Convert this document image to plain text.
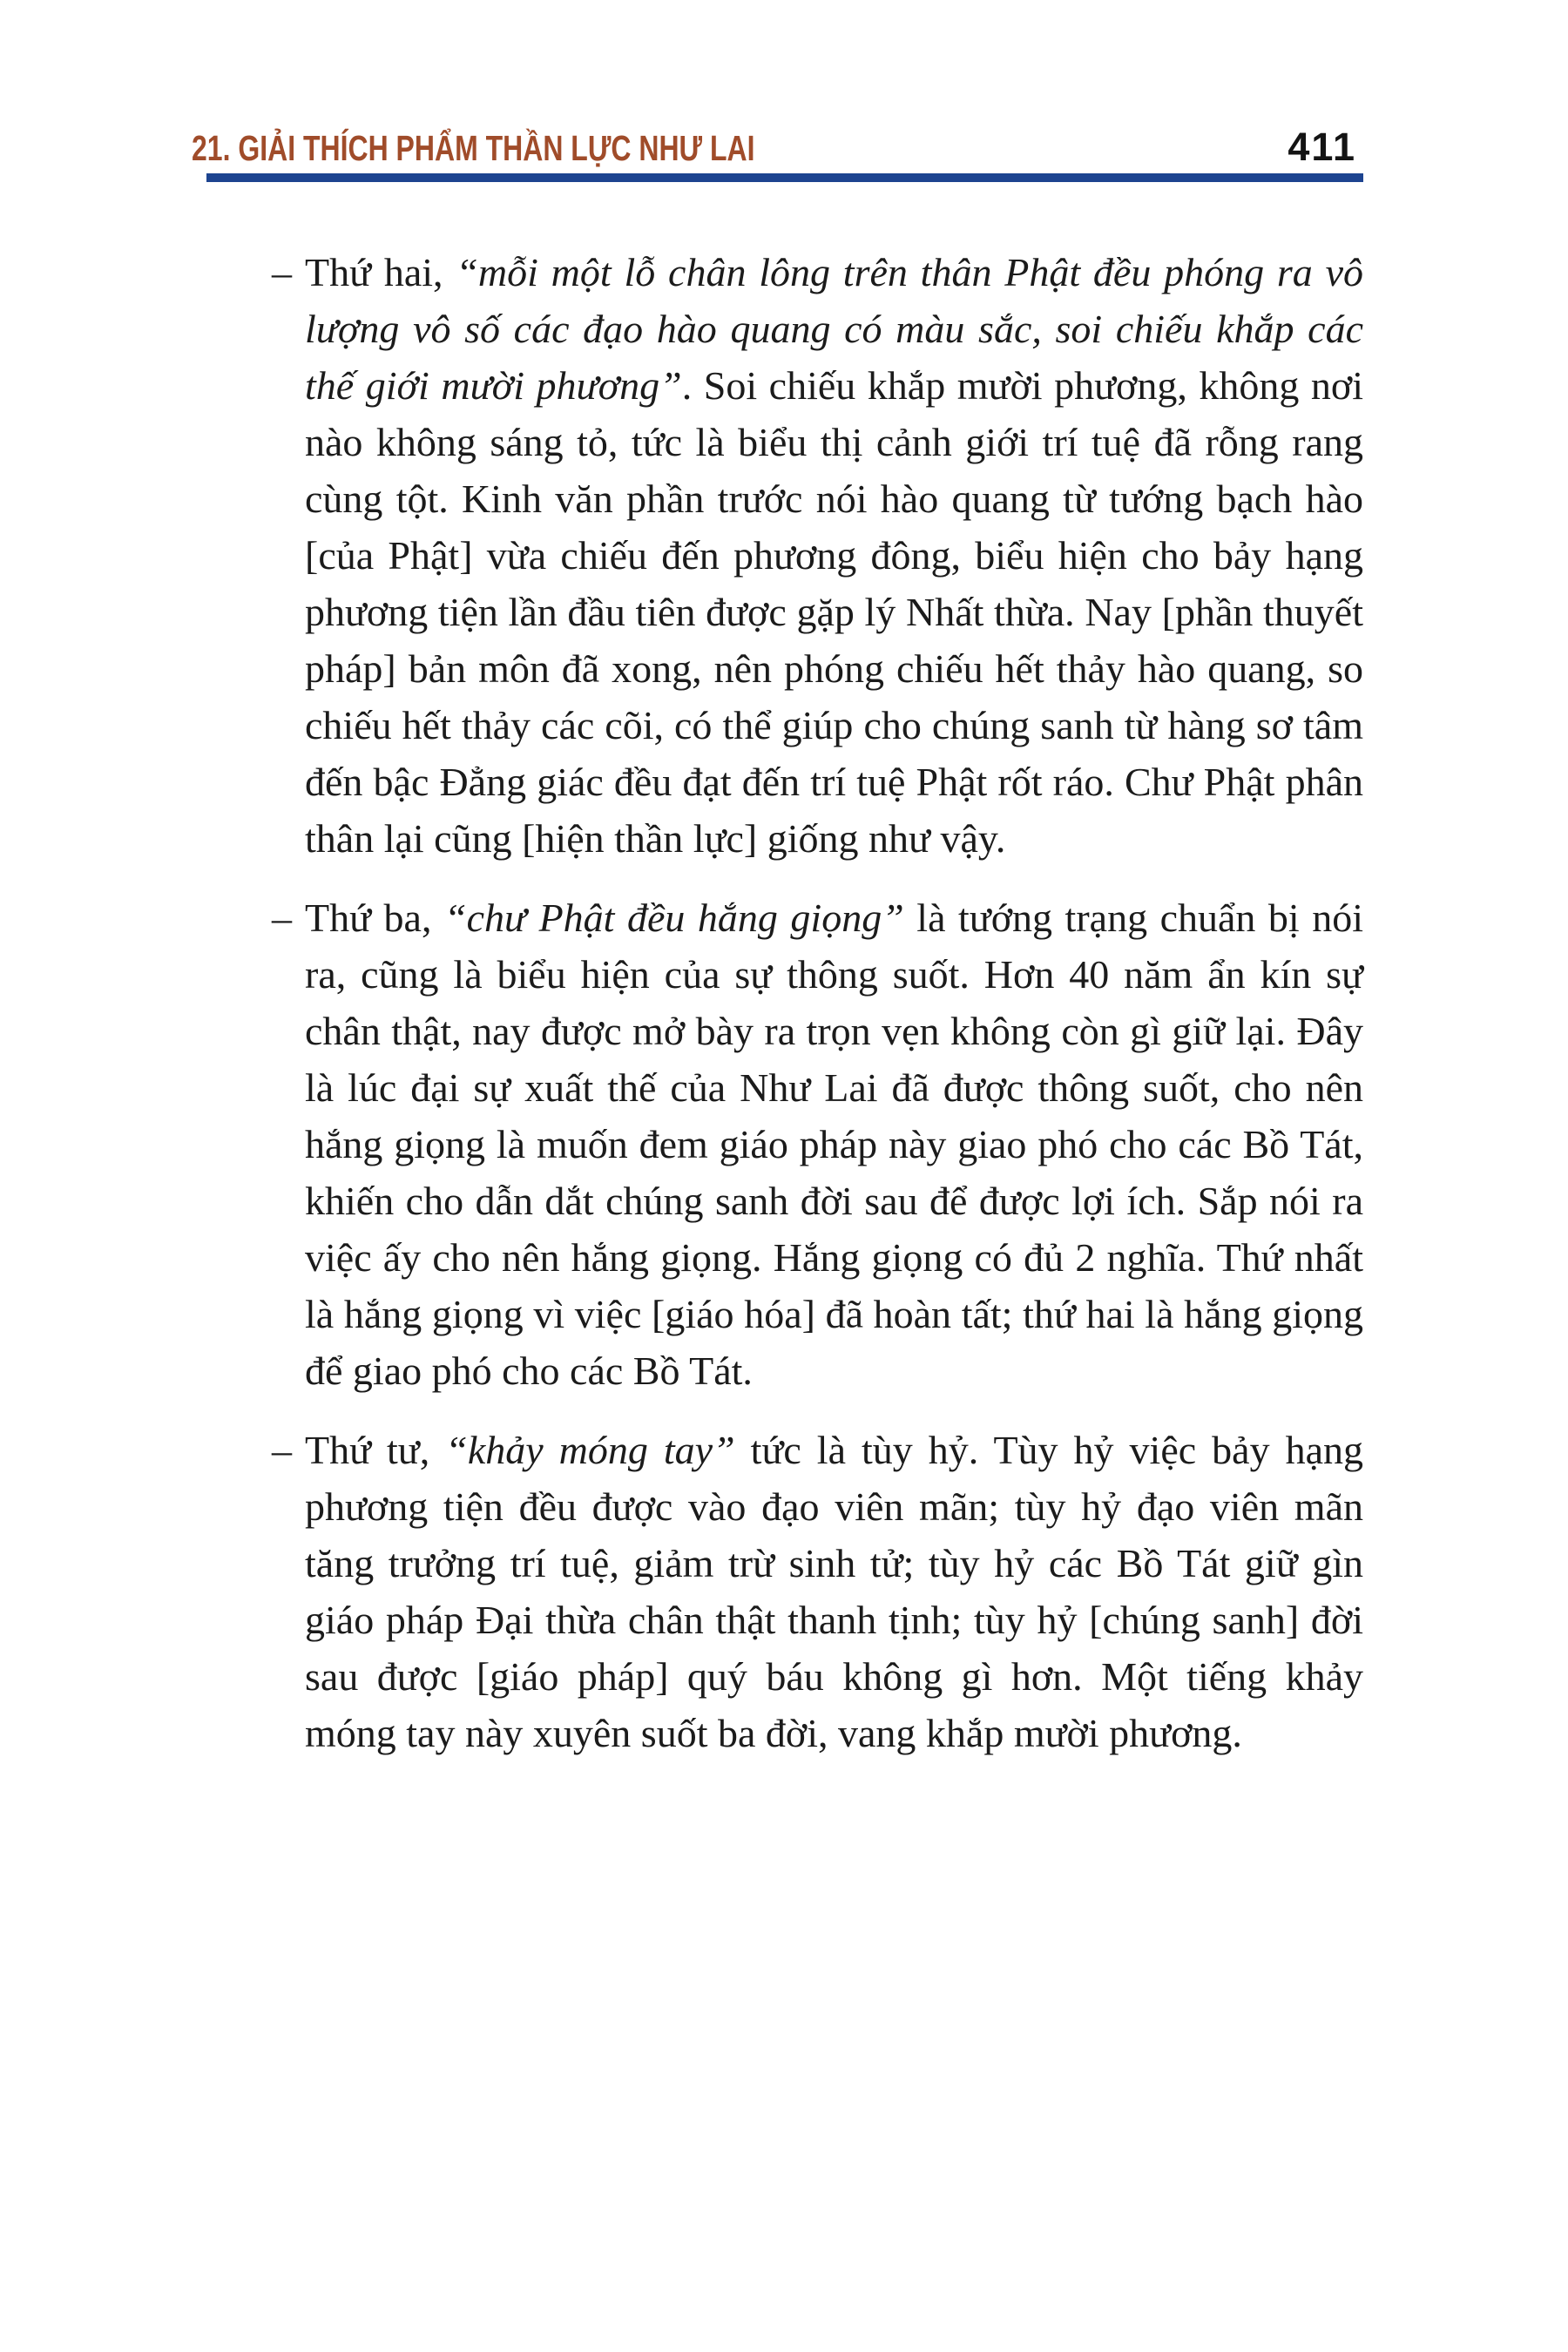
21. GIẢI THÍCH PHẨM THẦN LỰC NHƯ LAI	411

– Thứ hai, “mỗi một lỗ chân lông trên thân Phật đều phóng ra vô lượng vô số các đạo hào quang có màu sắc, soi chiếu khắp các thế giới mười phương”. Soi chiếu khắp mười phương, không nơi nào không sáng tỏ, tức là biểu thị cảnh giới trí tuệ đã rỗng rang cùng tột. Kinh văn phần trước nói hào quang từ tướng bạch hào [của Phật] vừa chiếu đến phương đông, biểu hiện cho bảy hạng phương tiện lần đầu tiên được gặp lý Nhất thừa. Nay [phần thuyết pháp] bản môn đã xong, nên phóng chiếu hết thảy hào quang, so chiếu hết thảy các cõi, có thể giúp cho chúng sanh từ hàng sơ tâm đến bậc Đẳng giác đều đạt đến trí tuệ Phật rốt ráo. Chư Phật phân thân lại cũng [hiện thần lực] giống như vậy.

– Thứ ba, “chư Phật đều hắng giọng” là tướng trạng chuẩn bị nói ra, cũng là biểu hiện của sự thông suốt. Hơn 40 năm ẩn kín sự chân thật, nay được mở bày ra trọn vẹn không còn gì giữ lại. Đây là lúc đại sự xuất thế của Như Lai đã được thông suốt, cho nên hắng giọng là muốn đem giáo pháp này giao phó cho các Bồ Tát, khiến cho dẫn dắt chúng sanh đời sau để được lợi ích. Sắp nói ra việc ấy cho nên hắng giọng. Hắng giọng có đủ 2 nghĩa. Thứ nhất là hắng giọng vì việc [giáo hóa] đã hoàn tất; thứ hai là hắng giọng để giao phó cho các Bồ Tát.

– Thứ tư, “khảy móng tay” tức là tùy hỷ. Tùy hỷ việc bảy hạng phương tiện đều được vào đạo viên mãn; tùy hỷ đạo viên mãn tăng trưởng trí tuệ, giảm trừ sinh tử; tùy hỷ các Bồ Tát giữ gìn giáo pháp Đại thừa chân thật thanh tịnh; tùy hỷ [chúng sanh] đời sau được [giáo pháp] quý báu không gì hơn. Một tiếng khảy móng tay này xuyên suốt ba đời, vang khắp mười phương.
